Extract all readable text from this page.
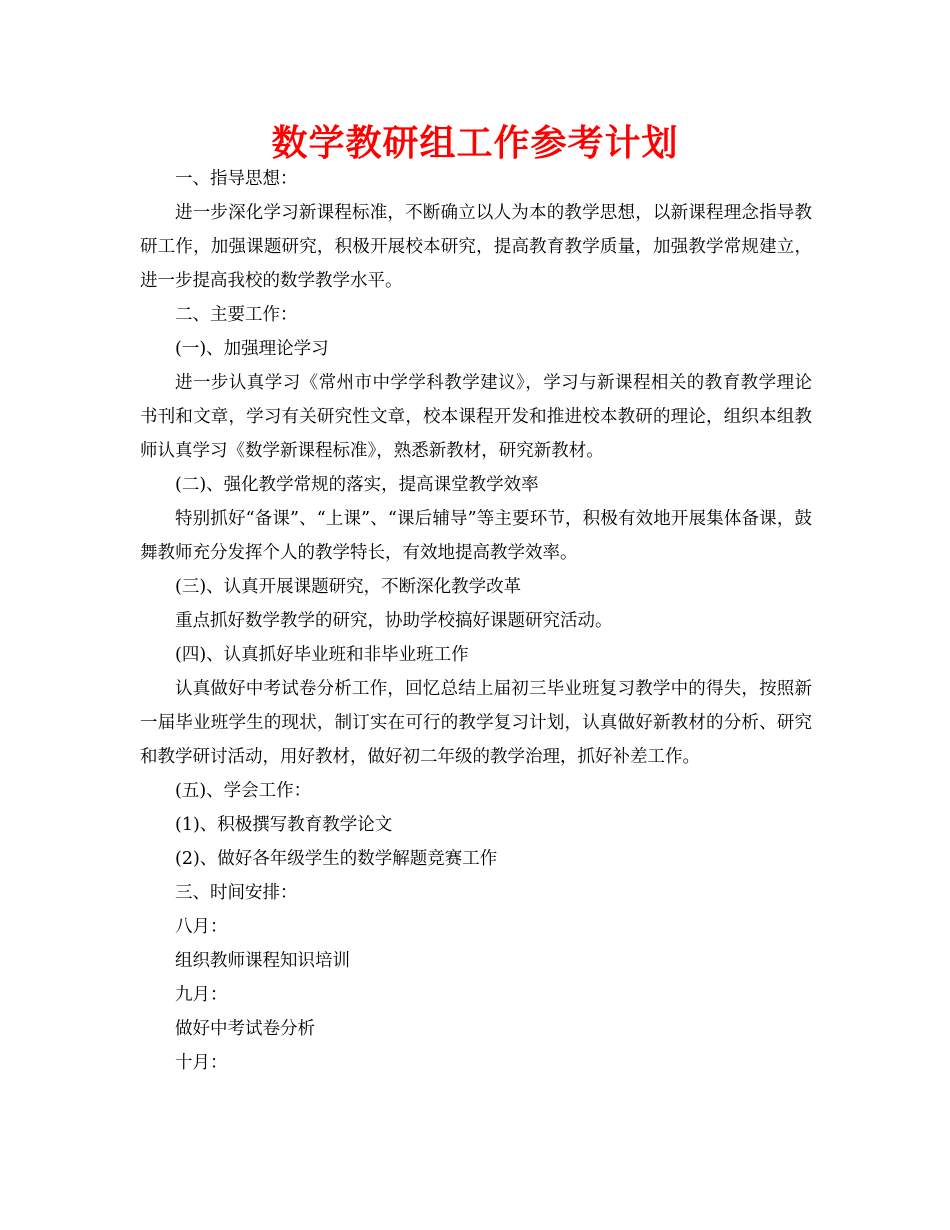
数学教研组工作参考计划

一、指导思想：

进一步深化学习新课程标准，不断确立以人为本的教学思想，以新课程理念指导教研工作，加强课题研究，积极开展校本研究，提高教育教学质量，加强教学常规建立，进一步提高我校的数学教学水平。

二、主要工作：

(一)、加强理论学习

进一步认真学习《常州市中学学科教学建议》，学习与新课程相关的教育教学理论书刊和文章，学习有关研究性文章，校本课程开发和推进校本教研的理论，组织本组教师认真学习《数学新课程标准》，熟悉新教材，研究新教材。

(二)、强化教学常规的落实，提高课堂教学效率

特别抓好“备课”、“上课”、“课后辅导”等主要环节，积极有效地开展集体备课，鼓舞教师充分发挥个人的教学特长，有效地提高教学效率。

(三)、认真开展课题研究，不断深化教学改革

重点抓好数学教学的研究，协助学校搞好课题研究活动。

(四)、认真抓好毕业班和非毕业班工作

认真做好中考试卷分析工作，回忆总结上届初三毕业班复习教学中的得失，按照新一届毕业班学生的现状，制订实在可行的教学复习计划，认真做好新教材的分析、研究和教学研讨活动，用好教材，做好初二年级的教学治理，抓好补差工作。

(五)、学会工作：

(1)、积极撰写教育教学论文

(2)、做好各年级学生的数学解题竞赛工作

三、时间安排：

八月：

组织教师课程知识培训

九月：

做好中考试卷分析

十月：
